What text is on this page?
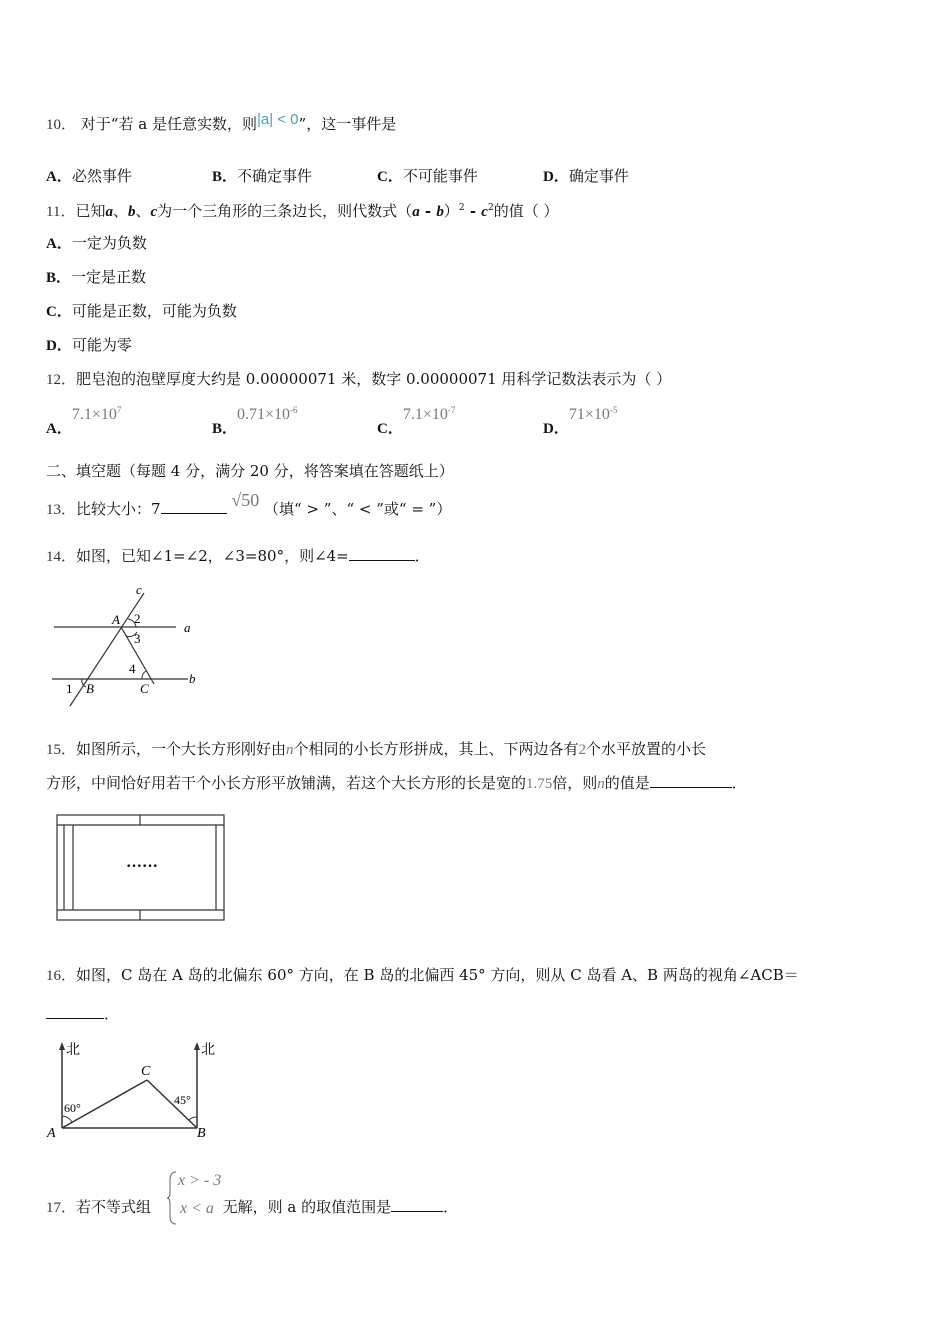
10． 对于“若 a 是任意实数，则|a| < 0”，这一事件是
A．必然事件	B．不确定事件	C．不可能事件	D．确定事件
11．已知a、b、c为一个三角形的三条边长，则代数式$(a - b)^2 - c^2$的值（ ）
A．一定为负数
B．一定是正数
C．可能是正数，可能为负数
D．可能为零
12．肥皂泡的泡壁厚度大约是 0.00000071 米，数字 0.00000071 用科学记数法表示为（ ）
A．$7.1\times 10^7$
B．$0.71\times 10^{-6}$
C．$7.1\times 10^{-7}$
D．$71\times 10^{-5}$
二、填空题（每题 4 分，满分 20 分，将答案填在答题纸上）
13．比较大小：7	√50 （填“ > ”、“ < ”或“ = ”）
14．如图，已知∠1=∠2，∠3=80°，则∠4=	．
c
A 2
a
3
4
b
1 B	C
15．如图所示，一个大长方形刚好由n个相同的小长方形拼成，其上、下两边各有2个水平放置的小长
方形，中间恰好用若干个小长方形平放铺满，若这个大长方形的长是宽的1.75倍，则n的值是	．
······
16．如图，C 岛在 A 岛的北偏东 60° 方向，在 B 岛的北偏西 45° 方向，则从 C 岛看 A、B 两岛的视角∠ACB＝
．
北	北
60°
45°
A	B
C
17．若不等式组	无解，则 a 的取值范围是	．
x > - 3
x < a
